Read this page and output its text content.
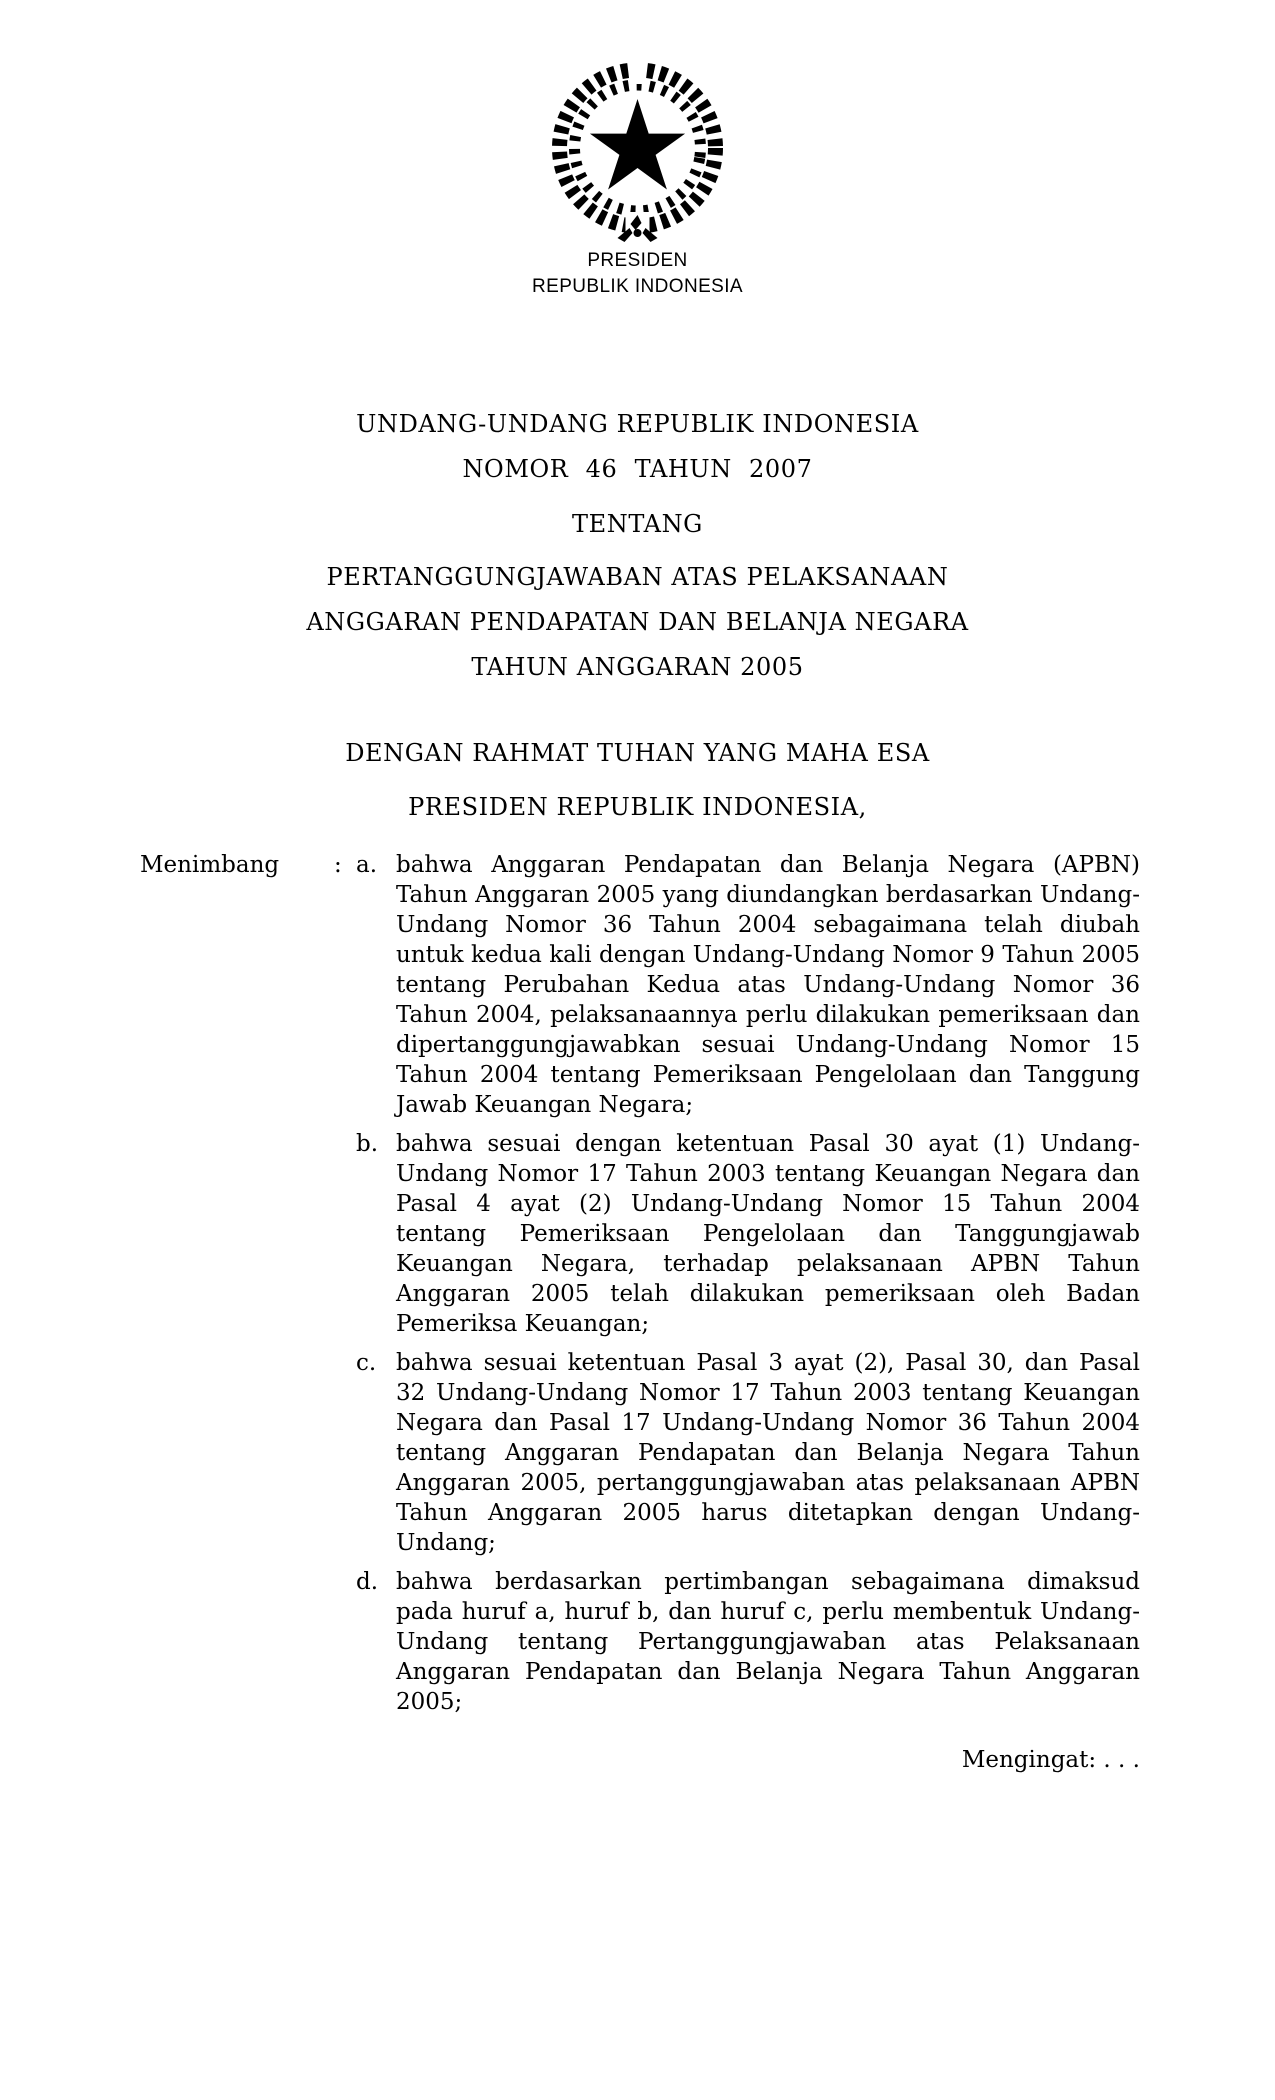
PRESIDEN
REPUBLIK INDONESIA
UNDANG-UNDANG REPUBLIK INDONESIA
NOMOR 46 TAHUN 2007
TENTANG
PERTANGGUNGJAWABAN ATAS PELAKSANAAN
ANGGARAN PENDAPATAN DAN BELANJA NEGARA
TAHUN ANGGARAN 2005
DENGAN RAHMAT TUHAN YANG MAHA ESA
PRESIDEN REPUBLIK INDONESIA,
Menimbang	: a. bahwa Anggaran Pendapatan dan Belanja Negara (APBN) Tahun Anggaran 2005 yang diundangkan berdasarkan Undang-Undang Nomor 36 Tahun 2004 sebagaimana telah diubah untuk kedua kali dengan Undang-Undang Nomor 9 Tahun 2005 tentang Perubahan Kedua atas Undang-Undang Nomor 36 Tahun 2004, pelaksanaannya perlu dilakukan pemeriksaan dan dipertanggungjawabkan sesuai Undang-Undang Nomor 15 Tahun 2004 tentang Pemeriksaan Pengelolaan dan Tanggung Jawab Keuangan Negara;

b. bahwa sesuai dengan ketentuan Pasal 30 ayat (1) Undang-Undang Nomor 17 Tahun 2003 tentang Keuangan Negara dan Pasal 4 ayat (2) Undang-Undang Nomor 15 Tahun 2004 tentang Pemeriksaan Pengelolaan dan Tanggungjawab Keuangan Negara, terhadap pelaksanaan APBN Tahun Anggaran 2005 telah dilakukan pemeriksaan oleh Badan Pemeriksa Keuangan;

c. bahwa sesuai ketentuan Pasal 3 ayat (2), Pasal 30, dan Pasal 32 Undang-Undang Nomor 17 Tahun 2003 tentang Keuangan Negara dan Pasal 17 Undang-Undang Nomor 36 Tahun 2004 tentang Anggaran Pendapatan dan Belanja Negara Tahun Anggaran 2005, pertanggungjawaban atas pelaksanaan APBN Tahun Anggaran 2005 harus ditetapkan dengan Undang-Undang;

d. bahwa berdasarkan pertimbangan sebagaimana dimaksud pada huruf a, huruf b, dan huruf c, perlu membentuk Undang-Undang tentang Pertanggungjawaban atas Pelaksanaan Anggaran Pendapatan dan Belanja Negara Tahun Anggaran 2005;

Mengingat: . . .
